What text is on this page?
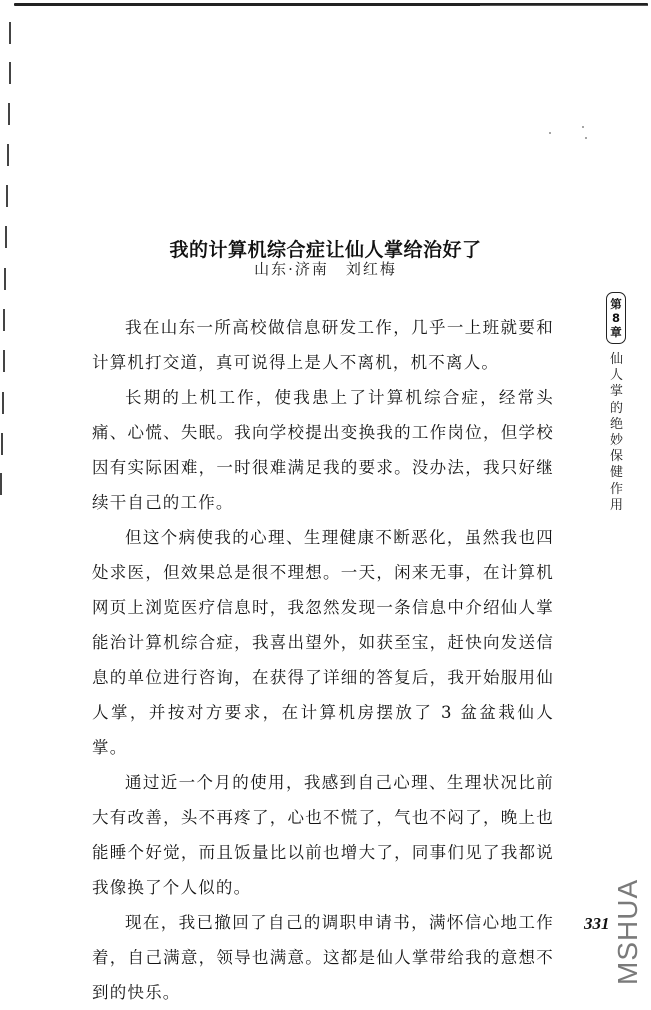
我的计算机综合症让仙人掌给治好了
山东·济南　刘红梅

我在山东一所高校做信息研发工作，几乎一上班就要和计算机打交道，真可说得上是人不离机，机不离人。

长期的上机工作，使我患上了计算机综合症，经常头痛、心慌、失眠。我向学校提出变换我的工作岗位，但学校因有实际困难，一时很难满足我的要求。没办法，我只好继续干自己的工作。

但这个病使我的心理、生理健康不断恶化，虽然我也四处求医，但效果总是很不理想。一天，闲来无事，在计算机网页上浏览医疗信息时，我忽然发现一条信息中介绍仙人掌能治计算机综合症，我喜出望外，如获至宝，赶快向发送信息的单位进行咨询，在获得了详细的答复后，我开始服用仙人掌，并按对方要求，在计算机房摆放了 3 盆盆栽仙人掌。

通过近一个月的使用，我感到自己心理、生理状况比前大有改善，头不再疼了，心也不慌了，气也不闷了，晚上也能睡个好觉，而且饭量比以前也增大了，同事们见了我都说我像换了个人似的。

现在，我已撤回了自己的调职申请书，满怀信心地工作着，自己满意，领导也满意。这都是仙人掌带给我的意想不到的快乐。

第
8
章
仙人掌的绝妙保健作用
331 MSHUA
